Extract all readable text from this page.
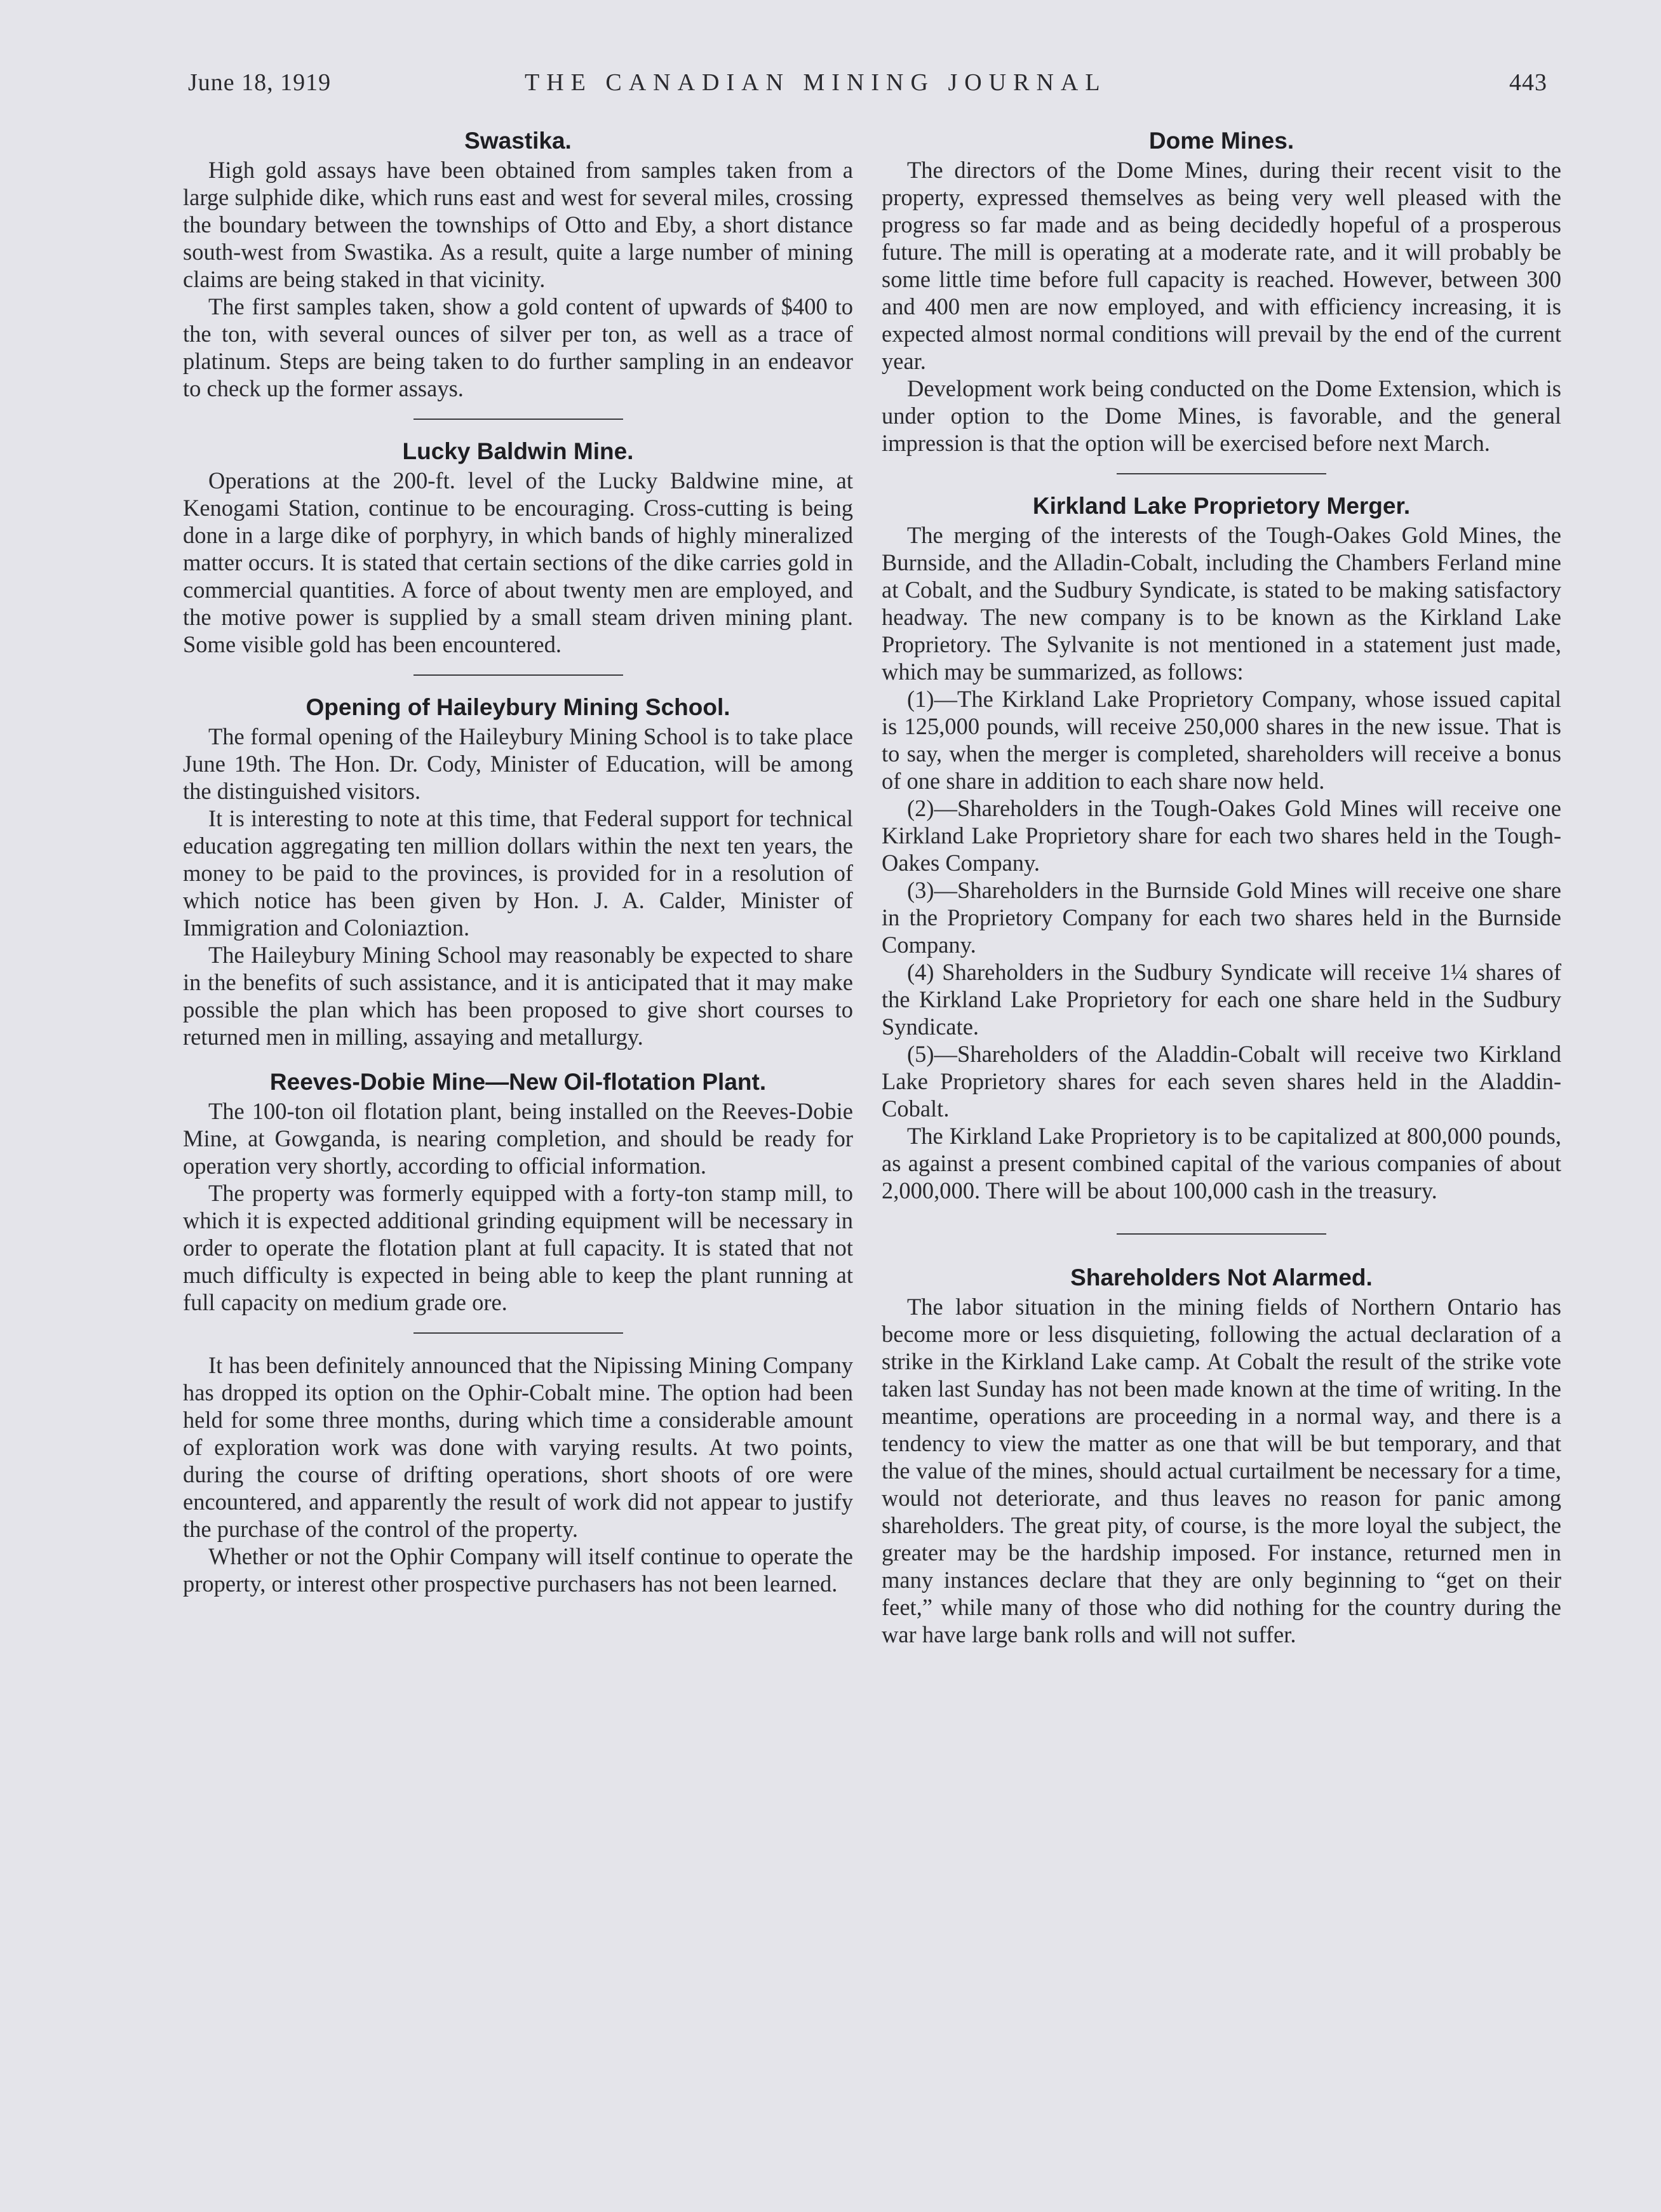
June 18, 1919	THE CANADIAN MINING JOURNAL	443
Swastika.

High gold assays have been obtained from samples taken from a large sulphide dike, which runs east and west for several miles, crossing the boundary between the townships of Otto and Eby, a short distance south-west from Swastika. As a result, quite a large number of mining claims are being staked in that vicinity.

The first samples taken, show a gold content of upwards of $400 to the ton, with several ounces of silver per ton, as well as a trace of platinum. Steps are being taken to do further sampling in an endeavor to check up the former assays.

Lucky Baldwin Mine.

Operations at the 200-ft. level of the Lucky Baldwine mine, at Kenogami Station, continue to be encouraging. Cross-cutting is being done in a large dike of porphyry, in which bands of highly mineralized matter occurs. It is stated that certain sections of the dike carries gold in commercial quantities. A force of about twenty men are employed, and the motive power is supplied by a small steam driven mining plant. Some visible gold has been encountered.

Opening of Haileybury Mining School.

The formal opening of the Haileybury Mining School is to take place June 19th. The Hon. Dr. Cody, Minister of Education, will be among the distinguished visitors.

It is interesting to note at this time, that Federal support for technical education aggregating ten million dollars within the next ten years, the money to be paid to the provinces, is provided for in a resolution of which notice has been given by Hon. J. A. Calder, Minister of Immigration and Coloniaztion.

The Haileybury Mining School may reasonably be expected to share in the benefits of such assistance, and it is anticipated that it may make possible the plan which has been proposed to give short courses to returned men in milling, assaying and metallurgy.

Reeves-Dobie Mine—New Oil-flotation Plant.

The 100-ton oil flotation plant, being installed on the Reeves-Dobie Mine, at Gowganda, is nearing completion, and should be ready for operation very shortly, according to official information.

The property was formerly equipped with a forty-ton stamp mill, to which it is expected additional grinding equipment will be necessary in order to operate the flotation plant at full capacity. It is stated that not much difficulty is expected in being able to keep the plant running at full capacity on medium grade ore.

It has been definitely announced that the Nipissing Mining Company has dropped its option on the Ophir-Cobalt mine. The option had been held for some three months, during which time a considerable amount of exploration work was done with varying results. At two points, during the course of drifting operations, short shoots of ore were encountered, and apparently the result of work did not appear to justify the purchase of the control of the property.

Whether or not the Ophir Company will itself continue to operate the property, or interest other prospective purchasers has not been learned.

Dome Mines.

The directors of the Dome Mines, during their recent visit to the property, expressed themselves as being very well pleased with the progress so far made and as being decidedly hopeful of a prosperous future. The mill is operating at a moderate rate, and it will probably be some little time before full capacity is reached. However, between 300 and 400 men are now employed, and with efficiency increasing, it is expected almost normal conditions will prevail by the end of the current year.

Development work being conducted on the Dome Extension, which is under option to the Dome Mines, is favorable, and the general impression is that the option will be exercised before next March.

Kirkland Lake Proprietory Merger.

The merging of the interests of the Tough-Oakes Gold Mines, the Burnside, and the Alladin-Cobalt, including the Chambers Ferland mine at Cobalt, and the Sudbury Syndicate, is stated to be making satisfactory headway. The new company is to be known as the Kirkland Lake Proprietory. The Sylvanite is not mentioned in a statement just made, which may be summarized, as follows:

(1)—The Kirkland Lake Proprietory Company, whose issued capital is 125,000 pounds, will receive 250,000 shares in the new issue. That is to say, when the merger is completed, shareholders will receive a bonus of one share in addition to each share now held.

(2)—Shareholders in the Tough-Oakes Gold Mines will receive one Kirkland Lake Proprietory share for each two shares held in the Tough-Oakes Company.

(3)—Shareholders in the Burnside Gold Mines will receive one share in the Proprietory Company for each two shares held in the Burnside Company.

(4) Shareholders in the Sudbury Syndicate will receive 1¼ shares of the Kirkland Lake Proprietory for each one share held in the Sudbury Syndicate.

(5)—Shareholders of the Aladdin-Cobalt will receive two Kirkland Lake Proprietory shares for each seven shares held in the Aladdin-Cobalt.

The Kirkland Lake Proprietory is to be capitalized at 800,000 pounds, as against a present combined capital of the various companies of about 2,000,000. There will be about 100,000 cash in the treasury.

Shareholders Not Alarmed.

The labor situation in the mining fields of Northern Ontario has become more or less disquieting, following the actual declaration of a strike in the Kirkland Lake camp. At Cobalt the result of the strike vote taken last Sunday has not been made known at the time of writing. In the meantime, operations are proceeding in a normal way, and there is a tendency to view the matter as one that will be but temporary, and that the value of the mines, should actual curtailment be necessary for a time, would not deteriorate, and thus leaves no reason for panic among shareholders. The great pity, of course, is the more loyal the subject, the greater may be the hardship imposed. For instance, returned men in many instances declare that they are only beginning to “get on their feet,” while many of those who did nothing for the country during the war have large bank rolls and will not suffer.
